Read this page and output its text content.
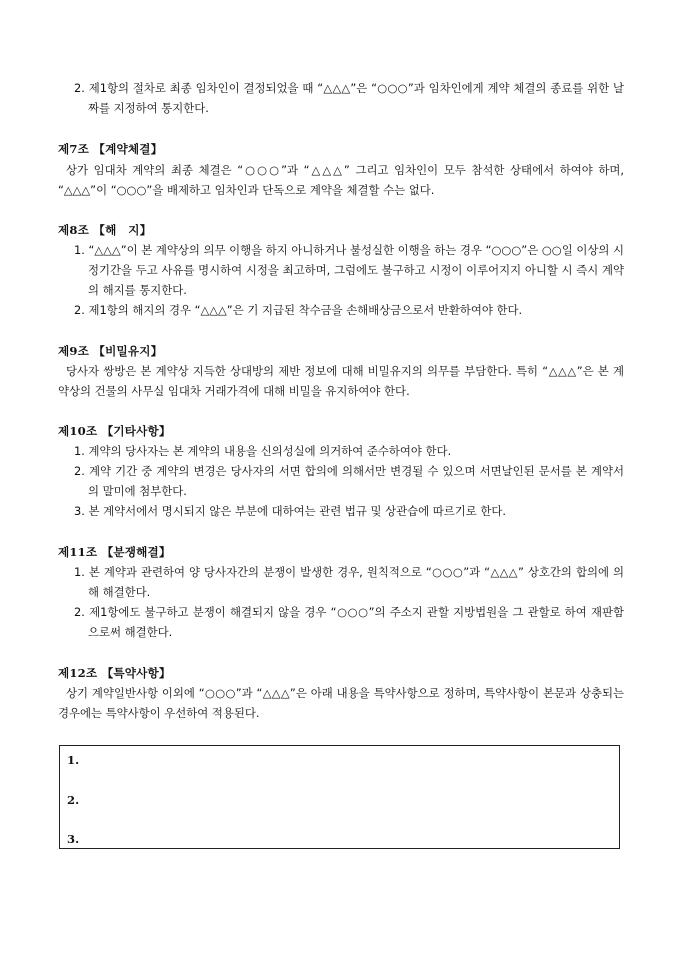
2. 제1항의 절차로 최종 임차인이 결정되었을 때 “△△△”은 “○○○”과 임차인에게 계약 체결의 종료를 위한 날짜를 지정하여 통지한다.
제7조 【계약체결】
상가 임대차 계약의 최종 체결은 “○○○”과 “△△△” 그리고 임차인이 모두 참석한 상태에서 하여야 하며, “△△△”이 “○○○”을 배제하고 임차인과 단독으로 계약을 체결할 수는 없다.
제8조 【해　지】
1. “△△△”이 본 계약상의 의무 이행을 하지 아니하거나 불성실한 이행을 하는 경우 “○○○”은 ○○일 이상의 시정기간을 두고 사유를 명시하여 시정을 최고하며, 그럼에도 불구하고 시정이 이루어지지 아니할 시 즉시 계약의 해지를 통지한다.
2. 제1항의 해지의 경우 “△△△”은 기 지급된 착수금을 손해배상금으로서 반환하여야 한다.
제9조 【비밀유지】
당사자 쌍방은 본 계약상 지득한 상대방의 제반 정보에 대해 비밀유지의 의무를 부담한다. 특히 “△△△”은 본 계약상의 건물의 사무실 임대차 거래가격에 대해 비밀을 유지하여야 한다.
제10조 【기타사항】
1. 계약의 당사자는 본 계약의 내용을 신의성실에 의거하여 준수하여야 한다.
2. 계약 기간 중 계약의 변경은 당사자의 서면 합의에 의해서만 변경될 수 있으며 서면날인된 문서를 본 계약서의 말미에 첨부한다.
3. 본 계약서에서 명시되지 않은 부분에 대하여는 관련 법규 및 상관습에 따르기로 한다.
제11조 【분쟁해결】
1. 본 계약과 관련하여 양 당사자간의 분쟁이 발생한 경우, 원칙적으로 “○○○”과 “△△△” 상호간의 합의에 의해 해결한다.
2. 제1항에도 불구하고 분쟁이 해결되지 않을 경우 “○○○”의 주소지 관할 지방법원을 그 관할로 하여 재판함으로써 해결한다.
제12조 【특약사항】
상기 계약일반사항 이외에 “○○○”과 “△△△”은 아래 내용을 특약사항으로 정하며, 특약사항이 본문과 상충되는 경우에는 특약사항이 우선하여 적용된다.
1.
2.
3.
